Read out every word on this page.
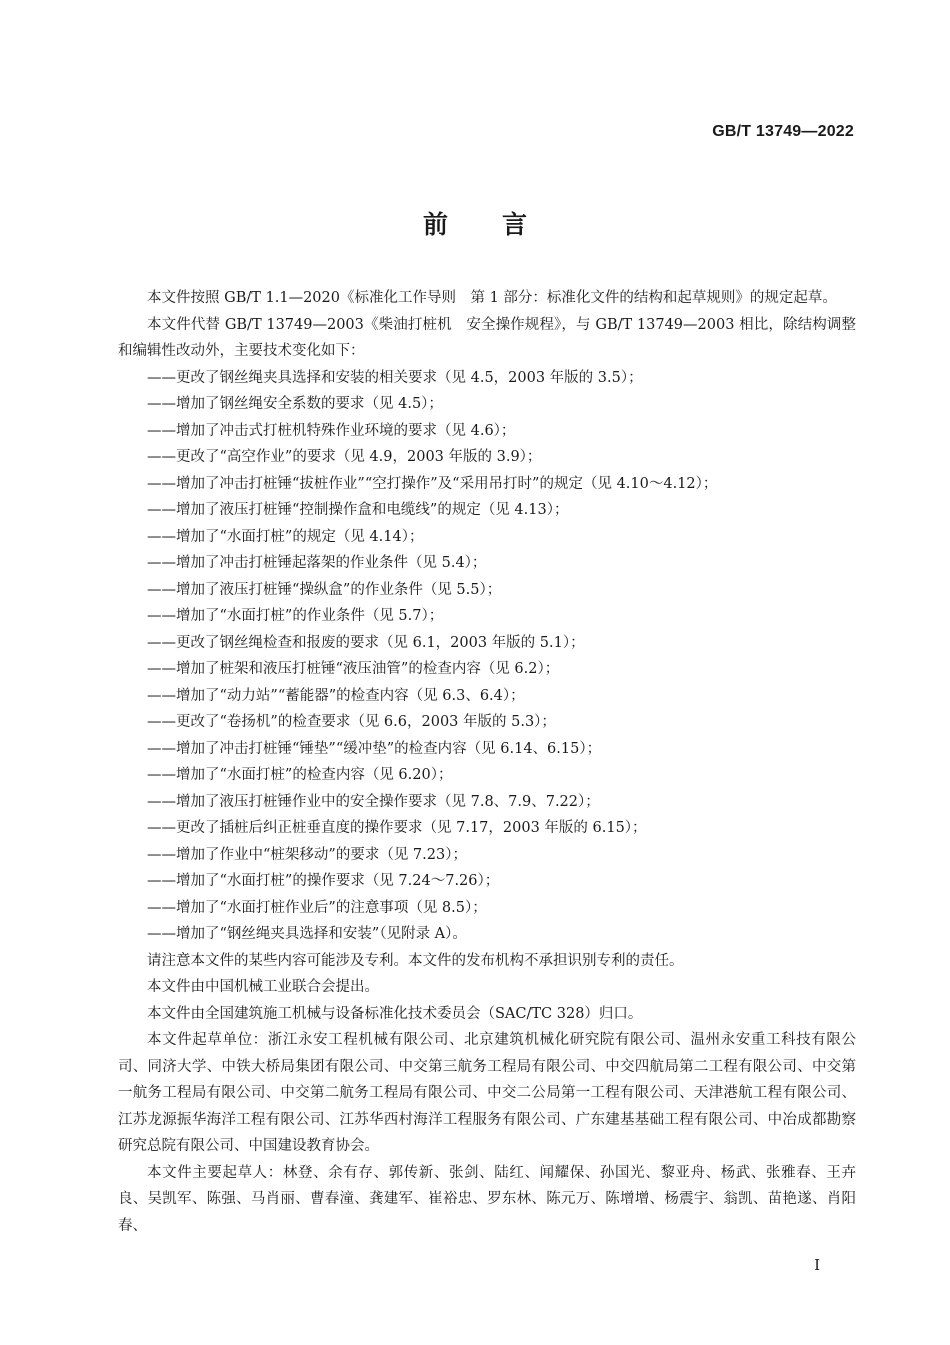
GB/T 13749—2022
前言

本文件按照 GB/T 1.1—2020《标准化工作导则　第 1 部分：标准化文件的结构和起草规则》的规定起草。

本文件代替 GB/T 13749—2003《柴油打桩机　安全操作规程》，与 GB/T 13749—2003 相比，除结构调整和编辑性改动外，主要技术变化如下：

——更改了钢丝绳夹具选择和安装的相关要求（见 4.5，2003 年版的 3.5）；

——增加了钢丝绳安全系数的要求（见 4.5）；

——增加了冲击式打桩机特殊作业环境的要求（见 4.6）；

——更改了“高空作业”的要求（见 4.9，2003 年版的 3.9）；

——增加了冲击打桩锤“拔桩作业”“空打操作”及“采用吊打时”的规定（见 4.10～4.12）；

——增加了液压打桩锤“控制操作盒和电缆线”的规定（见 4.13）；

——增加了“水面打桩”的规定（见 4.14）；

——增加了冲击打桩锤起落架的作业条件（见 5.4）；

——增加了液压打桩锤“操纵盒”的作业条件（见 5.5）；

——增加了“水面打桩”的作业条件（见 5.7）；

——更改了钢丝绳检查和报废的要求（见 6.1，2003 年版的 5.1）；

——增加了桩架和液压打桩锤“液压油管”的检查内容（见 6.2）；

——增加了“动力站”“蓄能器”的检查内容（见 6.3、6.4）；

——更改了“卷扬机”的检查要求（见 6.6，2003 年版的 5.3）；

——增加了冲击打桩锤“锤垫”“缓冲垫”的检查内容（见 6.14、6.15）；

——增加了“水面打桩”的检查内容（见 6.20）；

——增加了液压打桩锤作业中的安全操作要求（见 7.8、7.9、7.22）；

——更改了插桩后纠正桩垂直度的操作要求（见 7.17，2003 年版的 6.15）；

——增加了作业中“桩架移动”的要求（见 7.23）；

——增加了“水面打桩”的操作要求（见 7.24～7.26）；

——增加了“水面打桩作业后”的注意事项（见 8.5）；

——增加了“钢丝绳夹具选择和安装”（见附录 A）。

请注意本文件的某些内容可能涉及专利。本文件的发布机构不承担识别专利的责任。

本文件由中国机械工业联合会提出。

本文件由全国建筑施工机械与设备标准化技术委员会（SAC/TC 328）归口。

本文件起草单位：浙江永安工程机械有限公司、北京建筑机械化研究院有限公司、温州永安重工科技有限公司、同济大学、中铁大桥局集团有限公司、中交第三航务工程局有限公司、中交四航局第二工程有限公司、中交第一航务工程局有限公司、中交第二航务工程局有限公司、中交二公局第一工程有限公司、天津港航工程有限公司、江苏龙源振华海洋工程有限公司、江苏华西村海洋工程服务有限公司、广东建基基础工程有限公司、中冶成都勘察研究总院有限公司、中国建设教育协会。

本文件主要起草人：林登、余有存、郭传新、张剑、陆红、闻耀保、孙国光、黎亚舟、杨武、张雅春、王卉良、吴凯军、陈强、马肖丽、曹春潼、龚建军、崔裕忠、罗东林、陈元万、陈增增、杨震宇、翁凯、苗艳遂、肖阳春、

I
